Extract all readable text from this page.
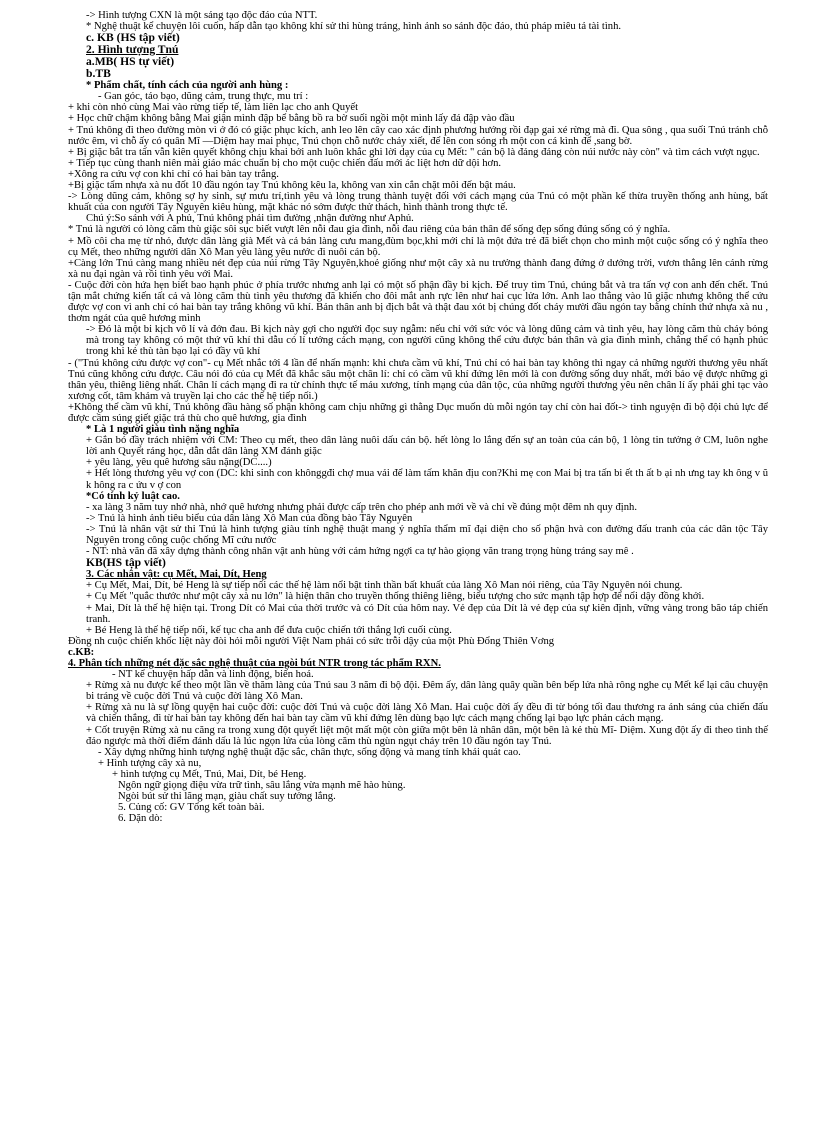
-> Hình tượng CXN là một sáng tạo độc đáo của NTT.

* Nghệ thuật kể chuyện lôi cuốn, hấp dẫn tạo không khí sử thi hùng tráng, hình ảnh so sánh độc đáo, thủ pháp miêu tả tài tình.

c. KB (HS tập viết)

2. Hình tượng Tnú

a.MB( HS tự viết)

b.TB

* Phẩm chất, tính cách của người anh hùng :

- Gan góc, táo bạo, dũng cảm, trung thực, mu trí :

+ khi còn nhỏ cùng Mai vào rừng tiếp tế, làm liên lạc cho anh Quyết

+ Học chữ chậm không bằng Mai giận mình đập bể bằng bồ ra bờ suối ngồi một mình lấy đá đập vào đầu

+ Tnú không đi theo đường mòn vì ở đó có giặc phục kích, anh leo lên cây cao xác định phương hướng rồi đạp gai xé rừng mà đi. Qua sông , qua suối Tnú tránh chỗ nước êm, vì chỗ ấy có quân Mĩ —Diệm hay mai phục, Tnú chọn chỗ nước chảy xiết, để lên con sóng rh một con cá kình để ,sang bờ.

+ Bị giặc bắt tra tấn vẫn kiên quyết không chịu khai bởi anh luôn khắc ghi lời dạy của cụ Mết: " cán bộ là đảng đảng còn núi nước này còn" và tìm cách vượt ngục.

+ Tiếp tục cùng thanh niên mài giáo mác chuẩn bị cho một cuộc chiến đấu mới ác liệt hơn dữ dội hơn.

+Xông ra cứu vợ con khi chỉ có hai bàn tay trắng.

+Bị giặc tẩm nhựa xà nu đốt 10 đầu ngón tay Tnú không kêu la, không van xin cắn chặt môi đến bật máu.

-> Lòng dũng cảm, không sợ hy sinh, sự mưu trí,tình yêu và lòng trung thành tuyệt đối với cách mạng của Tnú có một phần kế thừa truyền thống anh hùng, bất khuất của con người Tây Nguyên kiêu hùng, mặt khác nó sớm được thử thách, hình thành trong thực tế.

Chú ý:So sánh với A phủ, Tnú không phải tìm đường ,nhận đường như Aphủ.

* Tnú là người có lòng căm thù giặc sôi sục biết vượt lên nỗi đau gia đình, nỗi đau riêng của bản thân để sống đẹp sống đúng sống có ý nghĩa.

+ Mồ côi cha mẹ từ nhỏ, được dân làng già Mết và cả bản làng cưu mang,đùm bọc,khi mới chỉ là một đứa trẻ đã biết chọn cho mình một cuộc sống có ý nghĩa theo cụ Mết, theo những người dân Xô Man yêu làng yêu nước đi nuôi cán bộ.

+Càng lớn Tnú càng mang nhiều nét đẹp của núi rừng Tây Nguyên,khoẻ giống như một cây xà nu trưởng thành đang đứng ở dướng trời, vươn thẳng lên cánh rừng xà nu đại ngàn và rồi tình yêu với Mai.

- Cuộc đời còn hứa hẹn biết bao hạnh phúc ở phía trước nhưng anh lại có một số phận đầy bi kịch. Để truy tìm Tnú, chúng bắt và tra tấn vợ con anh đến chết. Tnú tận mắt chứng kiến tất cả và lòng căm thù tình yêu thương đã khiến cho đôi mắt anh rực lên như hai cục lửa lớn. Anh lao thẳng vào lũ giặc nhưng không thể cứu được vợ con vì anh chỉ có hai bàn tay trắng không vũ khí. Bản thân anh bị địch bắt và thật đau xót bị chúng đốt cháy mười đầu ngón tay bằng chính thứ nhựa xà nu , thơm ngát của quê hương mình

-> Đó là một bi kịch vô lí và đớn đau. Bi kịch này gợi cho người đọc suy ngẫm: nếu chỉ với sức vóc và lòng dũng cảm và tình yêu, hay lòng căm thù cháy bỏng mà trong tay không có một thứ vũ khí thì dẫu có lí tưởng cách mạng, con người cũng không thể cứu được bản thân và gia đình mình, chẳng thể có hạnh phúc trong khi kẻ thù tàn bạo lại có đầy vũ khí

- ("Tnú không cứu được vợ con"- cụ Mết nhắc tới 4 lần để nhấn mạnh: khi chưa cầm vũ khí, Tnú chỉ có hai bàn tay không thì ngay cả những người thương yêu nhất Tnú cũng không cứu được. Câu nói đó của cụ Mết đã khắc sâu một chân lí: chỉ có cầm vũ khí đứng lên mới là con đường sống duy nhất, mới bảo vệ được những gì thân yêu, thiêng liêng nhất. Chân lí cách mạng đi ra từ chính thực tế máu xương, tính mạng của dân tộc, của những người thương yêu nên chân lí ấy phải ghi tạc vào xương cốt, tâm khảm và truyền lại cho các thế hệ tiếp nối.)

+Không thể cầm vũ khí, Tnú không đầu hàng số phận không cam chịu những gì thằng Dục muốn dù mỗi ngón tay chỉ còn hai đốt-> tình nguyện đi bộ đội chủ lực để được cầm súng giết giặc trả thù cho quê hương, gia đình

* Là 1 người giàu tình nặng nghĩa

+ Gắn bó đầy trách nhiệm với CM: Theo cụ mết, theo dân làng nuôi dấu cán bộ. hết lòng lo lắng đến sự an toàn của cán bộ, 1 lòng tin tưởng ở CM, luôn nghe lời anh Quyết ráng học, dẫn dắt dân làng XM đánh giặc

+ yêu làng, yêu quê hương sâu nặng(DC....)

+ Hết lòng thương yêu vợ con (DC: khi sinh con khônggđi chợ mua vải để làm tấm khăn địu con?Khi mẹ con Mai bị tra tấn bi ết th ất b ại nh ưng tay kh ông v ũ k hông ra c ứu v ợ con

*Có tính kỷ luật cao.

- xa làng 3 năm tuy nhớ nhà, nhớ quê hương nhưng phải được cấp trên cho phép anh mới về và chỉ về đúng một đêm nh quy định.

-> Tnú là hình ảnh tiêu biểu của dân làng Xô Man của đồng bào Tây Nguyên

-> Tnú là nhân vật sử thi Tnú là hình tượng giàu tính nghệ thuật mang ý nghĩa thẩm mĩ đại diện cho số phận hvà con đường đấu tranh của các dân tộc Tây Nguyên trong công cuộc chống Mĩ cứu nước

- NT: nhà văn đã xây dựng thành công nhân vật anh hùng với cảm hứng ngợi ca tự hào giọng văn trang trọng hùng tráng say mê .

KB(HS tập viết)

3. Các nhân vật: cụ Mết, Mai, Dít, Heng

+ Cụ Mết, Mai, Dít, bé Heng là sự tiếp nối các thế hệ làm nổi bật tinh thần bất khuất của làng Xô Man nói riêng, của Tây Nguyên nói chung.

+ Cụ Mết "quắc thước như một cây xà nu lớn" là hiện thân cho truyền thống thiêng liêng, biểu tượng cho sức mạnh tập hợp để nổi dậy đồng khởi.

+ Mai, Dít là thế hệ hiện tại. Trong Dít có Mai của thời trước và có Dít của hôm nay. Vẻ đẹp của Dít là vẻ đẹp của sự kiên định, vững vàng trong bão táp chiến tranh.

+ Bé Heng là thế hệ tiếp nối, kế tục cha anh để đưa cuộc chiến tới thắng lợi cuối cùng.

Đồng nh cuộc chiến khốc liệt này đòi hỏi mỗi người Việt Nam phải có sức trỗi dậy của một Phù Đổng Thiên Vơng

c.KB:

4. Phân tích những nét đặc sắc nghệ thuật của ngòi bút NTR trong tác phẩm RXN.

- NT kể chuyện hấp dẫn và linh động, biến hoá.

+ Rừng xà nu được kể theo một lần về thăm làng của Tnú sau 3 năm đi bộ đội. Đêm ấy, dân làng quây quần bên bếp lửa nhà rông nghe cụ Mết kể lại câu chuyện bi tráng về cuộc đời Tnú và cuộc đời làng Xô Man.

+ Rừng xà nu là sự lồng quyện hai cuộc đời: cuộc đời Tnú và cuộc đời làng Xô Man. Hai cuộc đời ấy đều đi từ bóng tối đau thương ra ánh sáng của chiến đấu và chiến thắng, đi từ hai bàn tay không đến hai bàn tay cầm vũ khí đứng lên dùng bạo lực cách mạng chống lại bạo lực phản cách mạng.

+ Cốt truyện Rừng xà nu căng ra trong xung đột quyết liệt một mất một còn giữa một bên là nhân dân, một bên là kẻ thù Mĩ- Diệm. Xung đột ấy đi theo tình thế đảo ngược mà thời điểm đánh dấu là lúc ngọn lửa của lòng căm thù ngùn ngụt cháy trên 10 đầu ngón tay Tnú.

- Xây dựng những hình tượng nghệ thuật đặc sắc, chân thực, sống động và mang tính khái quát cao.

+ Hình tượng cây xà nu,

+ hình tượng cụ Mết, Tnú, Mai, Dít, bé Heng.

Ngôn ngữ giọng điệu vừa trữ tình, sâu lắng vừa mạnh mẽ hào hùng.

Ngòi bút sử thi lãng mạn, giàu chất suy tưởng lắng.

5. Củng cố: GV Tổng kết toàn bài.

6. Dặn dò:
